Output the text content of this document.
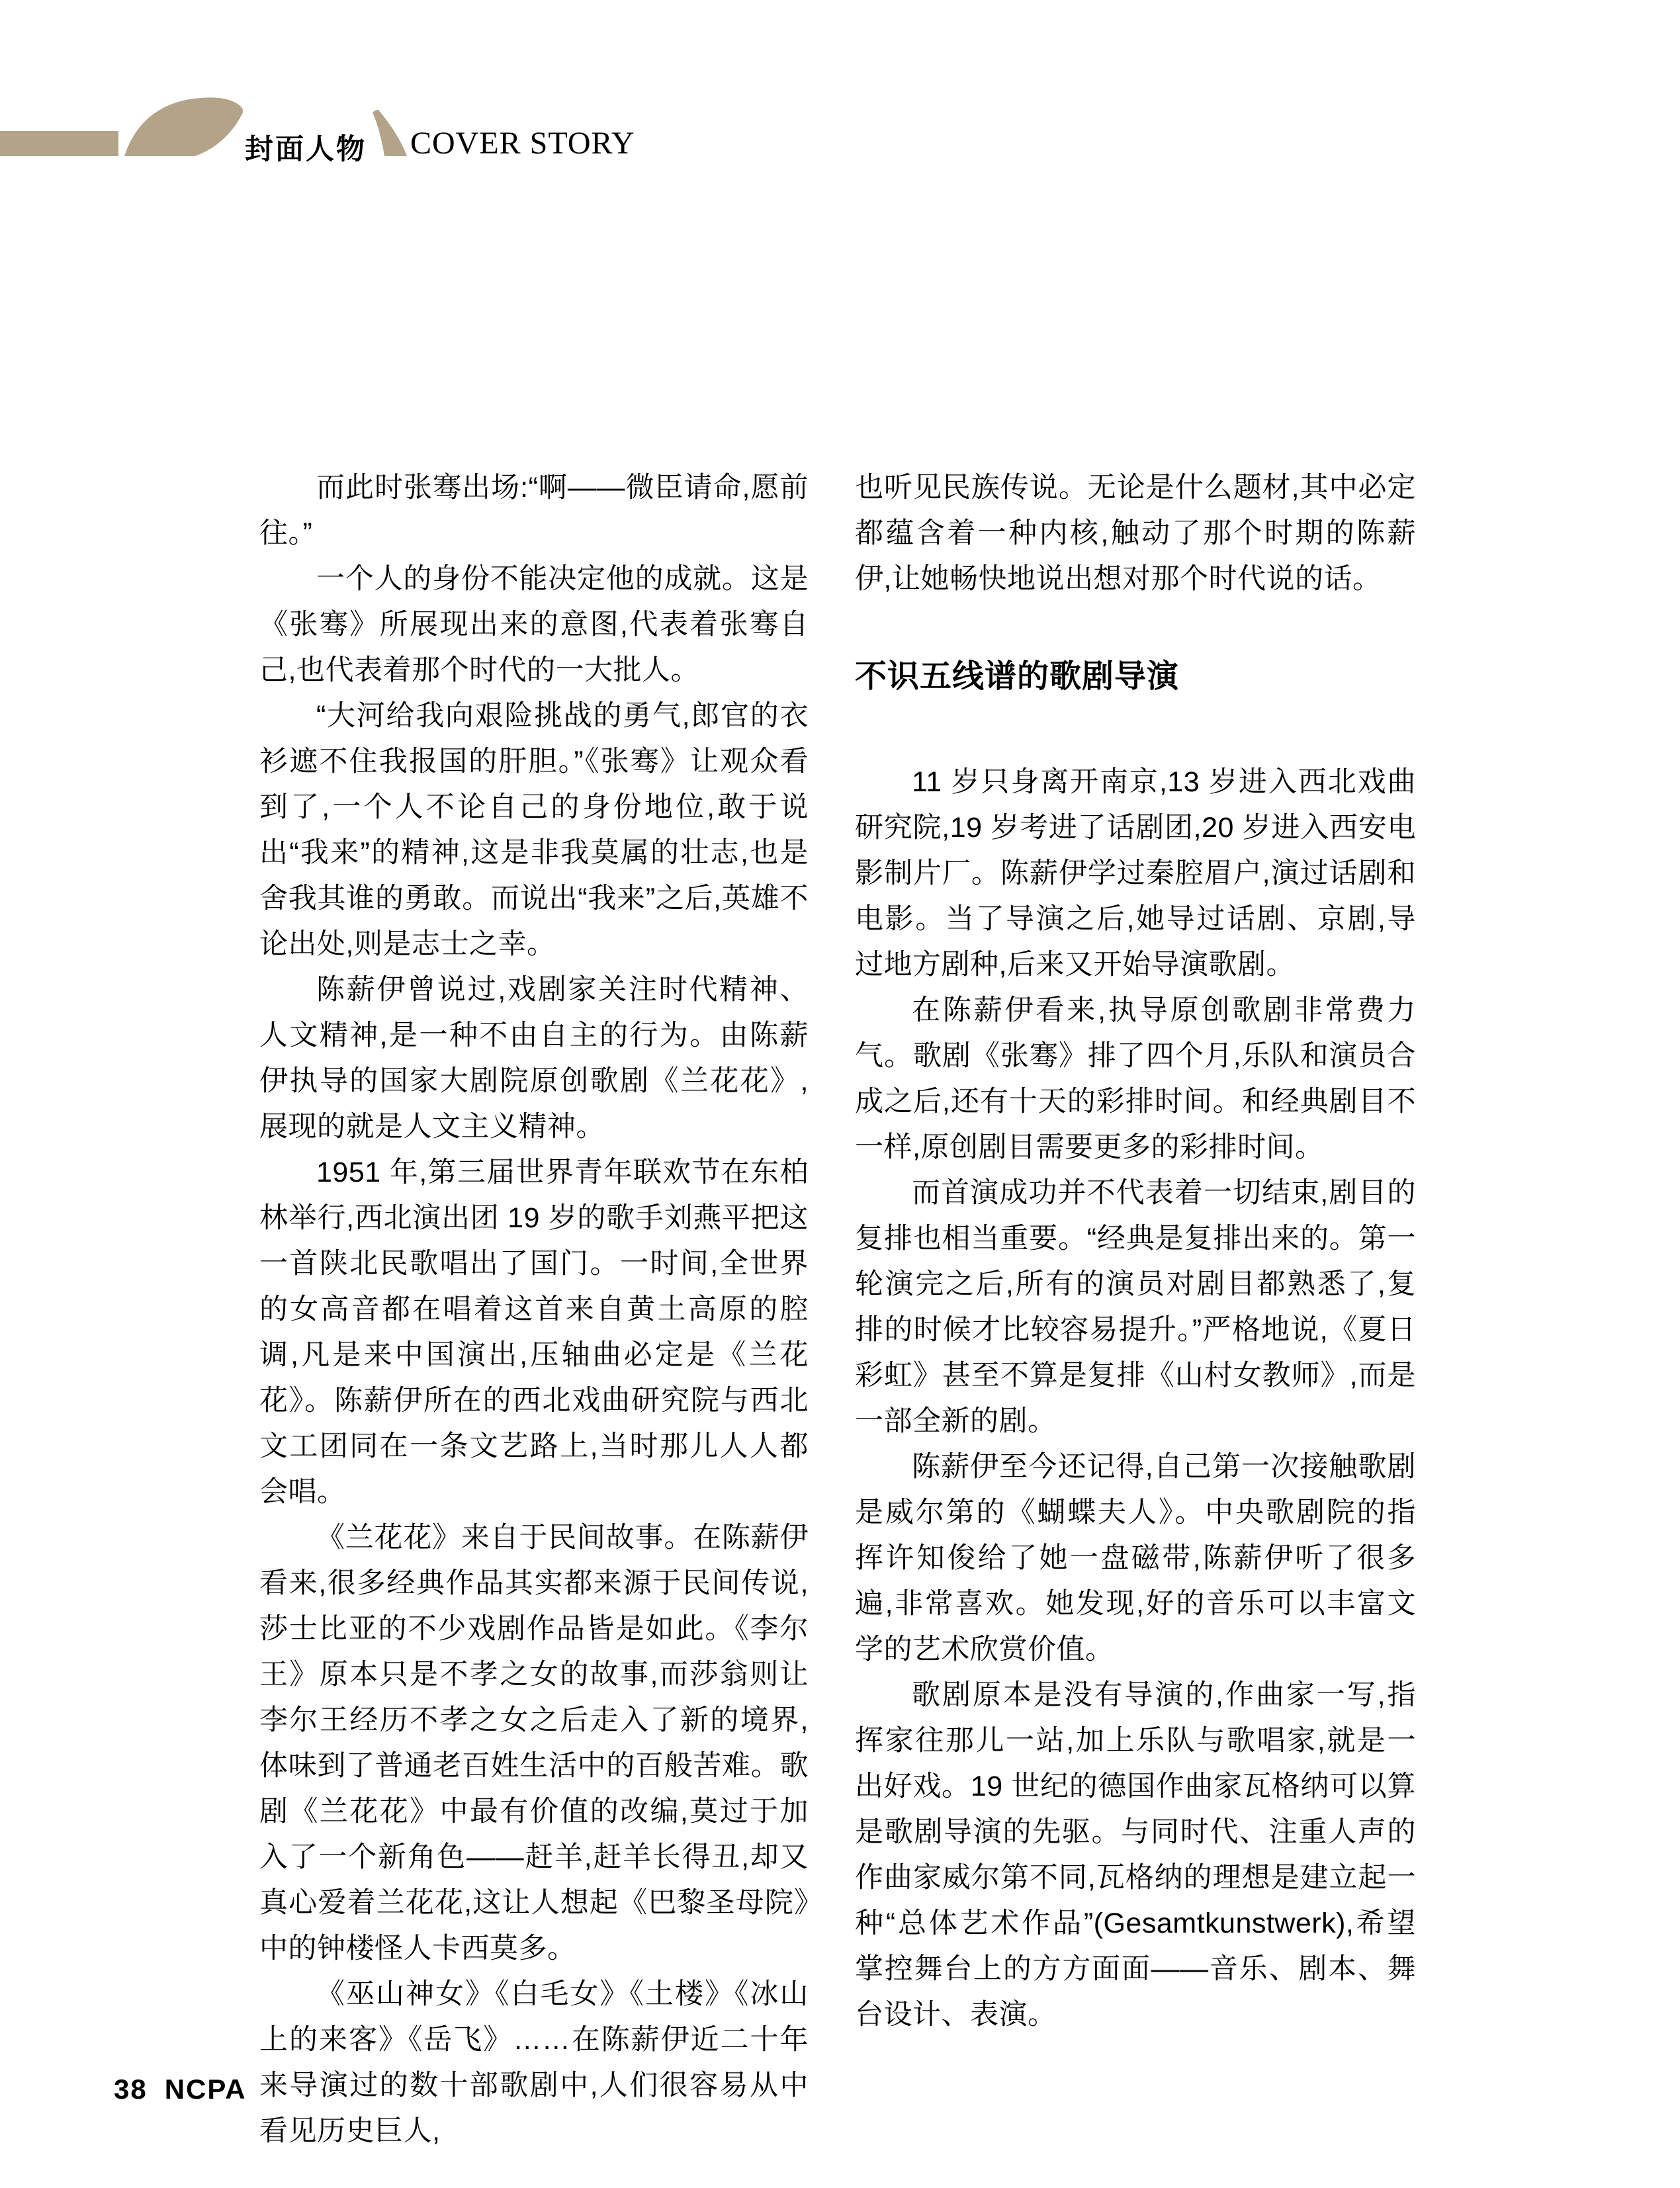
封面人物 COVER STORY

而此时张骞出场:“啊——微臣请命,愿前往。”

一个人的身份不能决定他的成就。这是《张骞》所展现出来的意图,代表着张骞自己,也代表着那个时代的一大批人。

“大河给我向艰险挑战的勇气,郎官的衣衫遮不住我报国的肝胆。”《张骞》让观众看到了,一个人不论自己的身份地位,敢于说出“我来”的精神,这是非我莫属的壮志,也是舍我其谁的勇敢。而说出“我来”之后,英雄不论出处,则是志士之幸。

陈薪伊曾说过,戏剧家关注时代精神、人文精神,是一种不由自主的行为。由陈薪伊执导的国家大剧院原创歌剧《兰花花》,展现的就是人文主义精神。

1951 年,第三届世界青年联欢节在东柏林举行,西北演出团 19 岁的歌手刘燕平把这一首陕北民歌唱出了国门。一时间,全世界的女高音都在唱着这首来自黄土高原的腔调,凡是来中国演出,压轴曲必定是《兰花花》。陈薪伊所在的西北戏曲研究院与西北文工团同在一条文艺路上,当时那儿人人都会唱。

《兰花花》来自于民间故事。在陈薪伊看来,很多经典作品其实都来源于民间传说,莎士比亚的不少戏剧作品皆是如此。《李尔王》原本只是不孝之女的故事,而莎翁则让李尔王经历不孝之女之后走入了新的境界,体味到了普通老百姓生活中的百般苦难。歌剧《兰花花》中最有价值的改编,莫过于加入了一个新角色——赶羊,赶羊长得丑,却又真心爱着兰花花,这让人想起《巴黎圣母院》中的钟楼怪人卡西莫多。

《巫山神女》《白毛女》《土楼》《冰山上的来客》《岳飞》……在陈薪伊近二十年来导演过的数十部歌剧中,人们很容易从中看见历史巨人,

也听见民族传说。无论是什么题材,其中必定都蕴含着一种内核,触动了那个时期的陈薪伊,让她畅快地说出想对那个时代说的话。

不识五线谱的歌剧导演

11 岁只身离开南京,13 岁进入西北戏曲研究院,19 岁考进了话剧团,20 岁进入西安电影制片厂。陈薪伊学过秦腔眉户,演过话剧和电影。当了导演之后,她导过话剧、京剧,导过地方剧种,后来又开始导演歌剧。

在陈薪伊看来,执导原创歌剧非常费力气。歌剧《张骞》排了四个月,乐队和演员合成之后,还有十天的彩排时间。和经典剧目不一样,原创剧目需要更多的彩排时间。

而首演成功并不代表着一切结束,剧目的复排也相当重要。“经典是复排出来的。第一轮演完之后,所有的演员对剧目都熟悉了,复排的时候才比较容易提升。”严格地说,《夏日彩虹》甚至不算是复排《山村女教师》,而是一部全新的剧。

陈薪伊至今还记得,自己第一次接触歌剧是威尔第的《蝴蝶夫人》。中央歌剧院的指挥许知俊给了她一盘磁带,陈薪伊听了很多遍,非常喜欢。她发现,好的音乐可以丰富文学的艺术欣赏价值。

歌剧原本是没有导演的,作曲家一写,指挥家往那儿一站,加上乐队与歌唱家,就是一出好戏。19 世纪的德国作曲家瓦格纳可以算是歌剧导演的先驱。与同时代、注重人声的作曲家威尔第不同,瓦格纳的理想是建立起一种“总体艺术作品”(Gesamtkunstwerk),希望掌控舞台上的方方面面——音乐、剧本、舞台设计、表演。

38 NCPA
